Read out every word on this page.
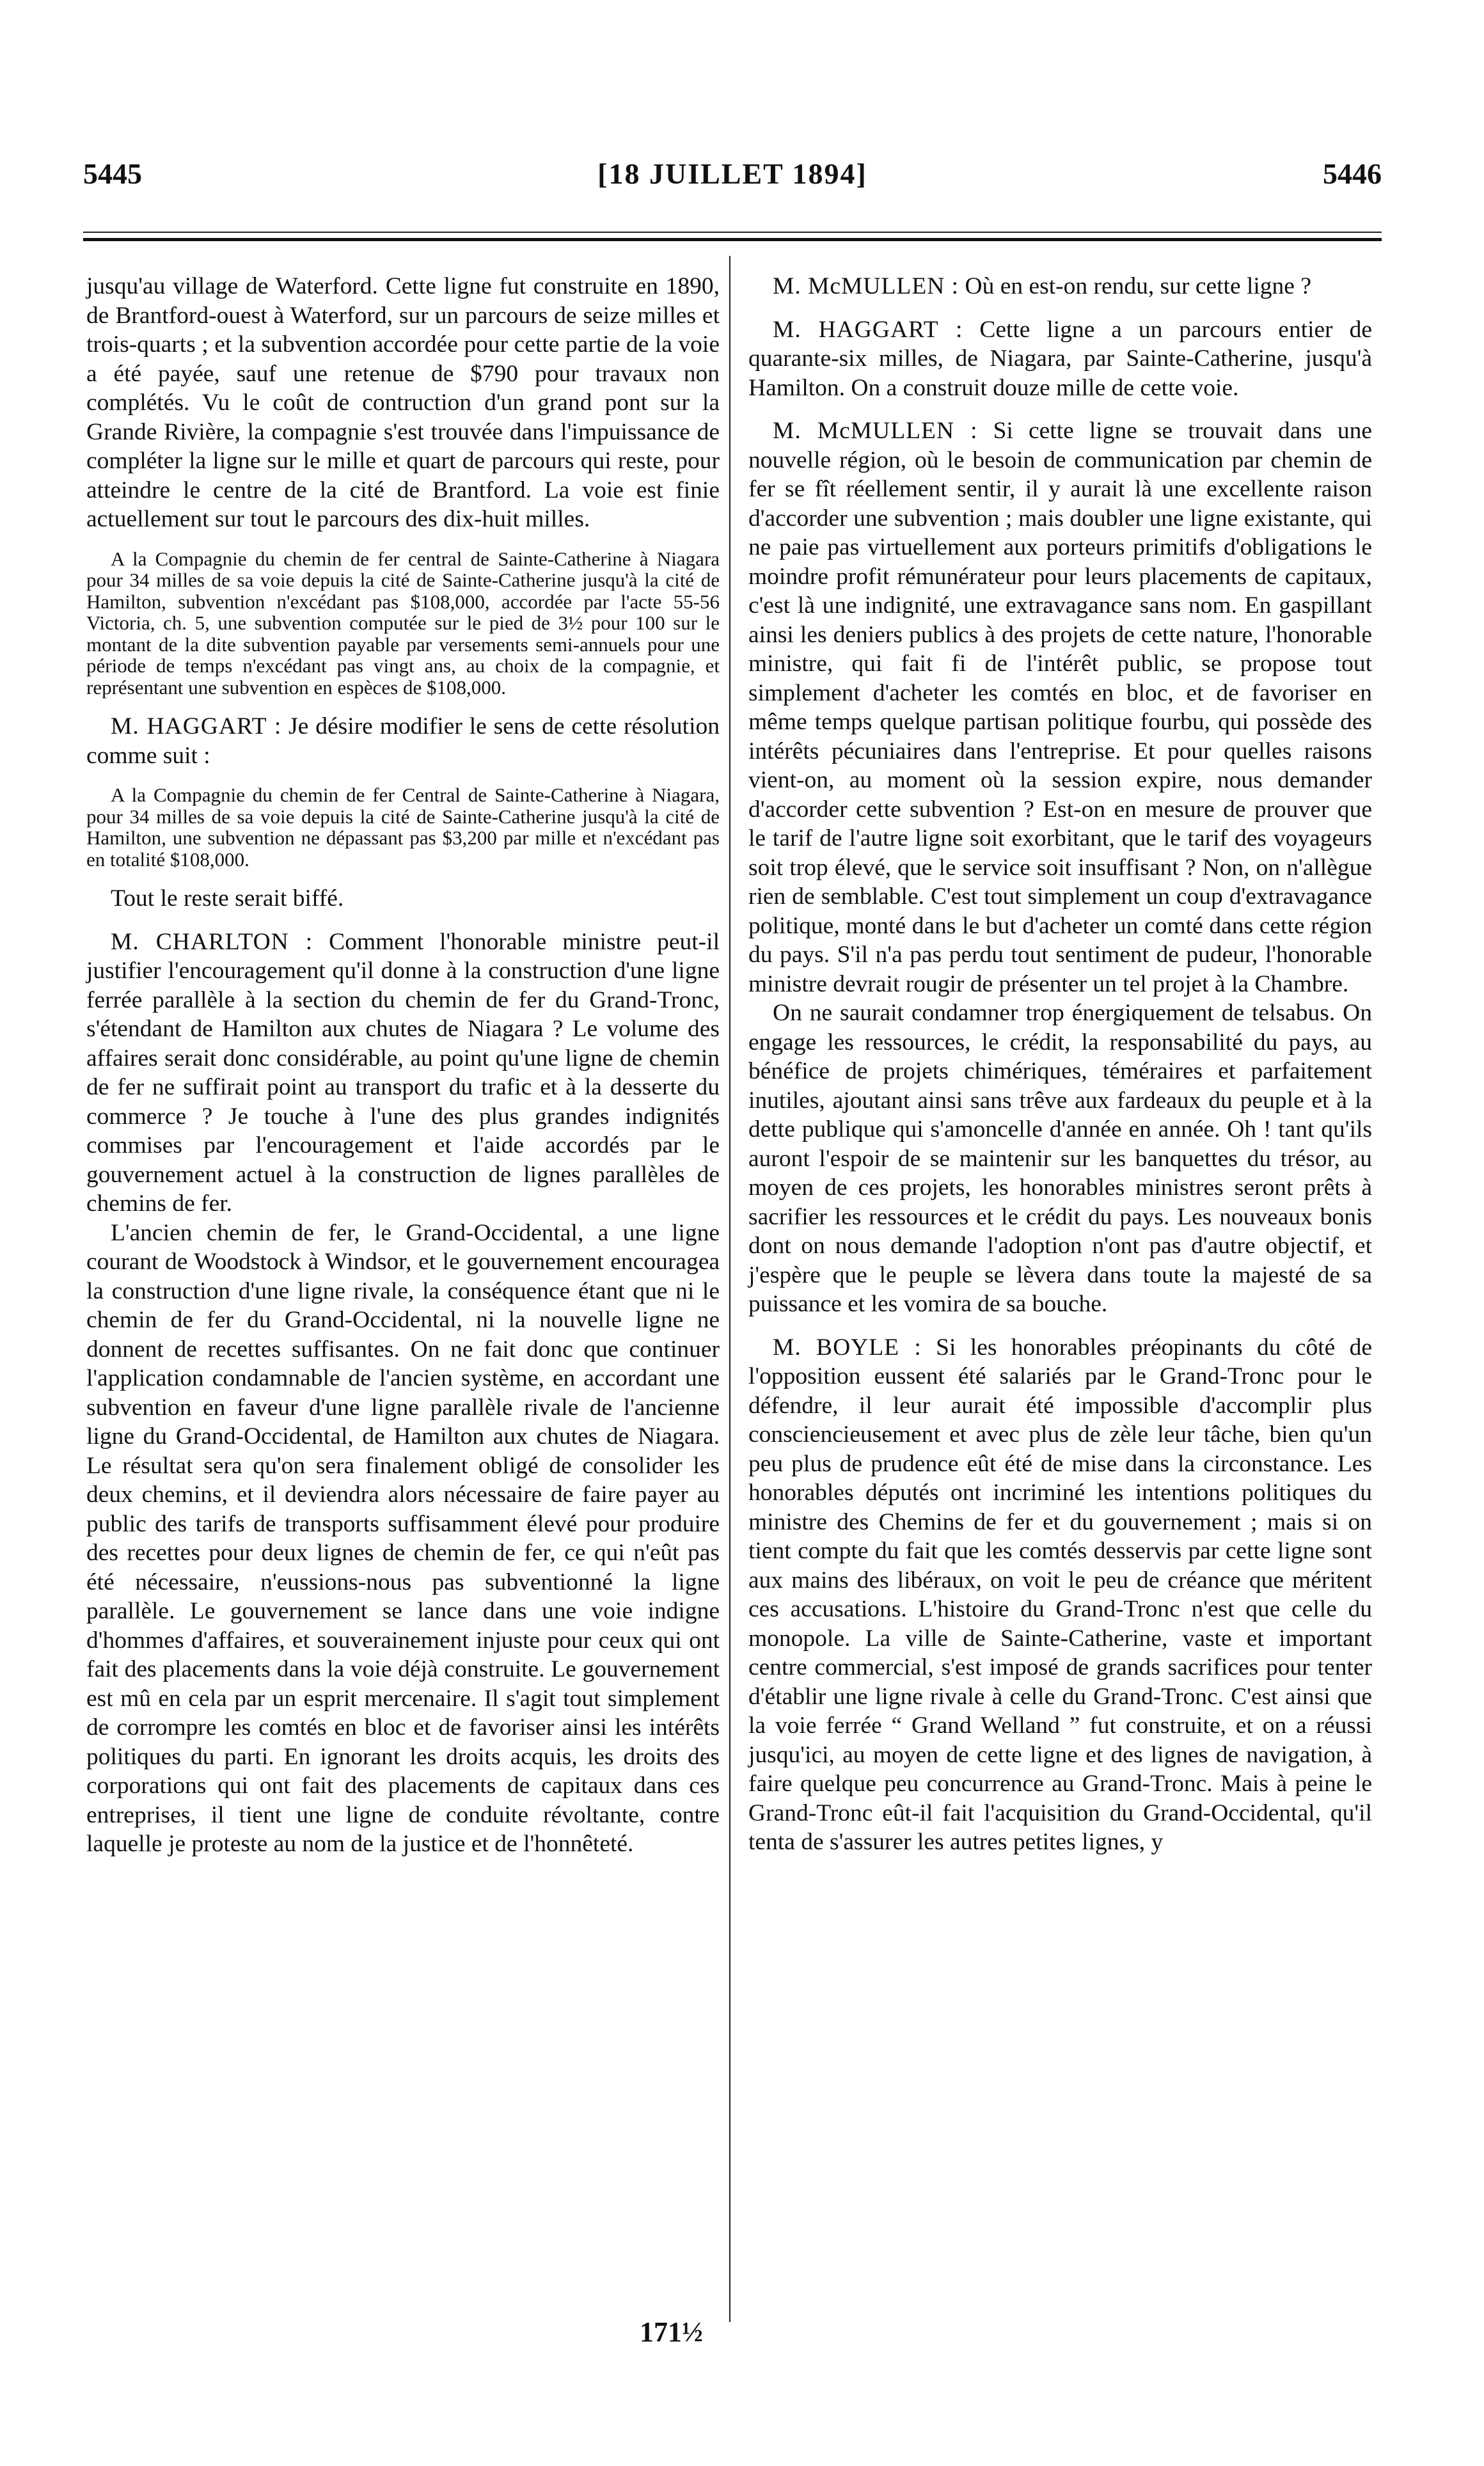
5445	[18 JUILLET 1894]	5446

jusqu'au village de Waterford. Cette ligne fut construite en 1890, de Brantford-ouest à Waterford, sur un parcours de seize milles et trois-quarts ; et la subvention accordée pour cette partie de la voie a été payée, sauf une retenue de $790 pour travaux non complétés. Vu le coût de contruction d'un grand pont sur la Grande Rivière, la compagnie s'est trouvée dans l'impuissance de compléter la ligne sur le mille et quart de parcours qui reste, pour atteindre le centre de la cité de Brantford. La voie est finie actuellement sur tout le parcours des dix-huit milles.

A la Compagnie du chemin de fer central de Sainte-Catherine à Niagara pour 34 milles de sa voie depuis la cité de Sainte-Catherine jusqu'à la cité de Hamilton, subvention n'excédant pas $108,000, accordée par l'acte 55-56 Victoria, ch. 5, une subvention computée sur le pied de 3½ pour 100 sur le montant de la dite subvention payable par versements semi-annuels pour une période de temps n'excédant pas vingt ans, au choix de la compagnie, et représentant une subvention en espèces de $108,000.

M. HAGGART : Je désire modifier le sens de cette résolution comme suit :

A la Compagnie du chemin de fer Central de Sainte-Catherine à Niagara, pour 34 milles de sa voie depuis la cité de Sainte-Catherine jusqu'à la cité de Hamilton, une subvention ne dépassant pas $3,200 par mille et n'excédant pas en totalité $108,000.

Tout le reste serait biffé.

M. CHARLTON : Comment l'honorable ministre peut-il justifier l'encouragement qu'il donne à la construction d'une ligne ferrée parallèle à la section du chemin de fer du Grand-Tronc, s'étendant de Hamilton aux chutes de Niagara ? Le volume des affaires serait donc considérable, au point qu'une ligne de chemin de fer ne suffirait point au transport du trafic et à la desserte du commerce ? Je touche à l'une des plus grandes indignités commises par l'encouragement et l'aide accordés par le gouvernement actuel à la construction de lignes parallèles de chemins de fer.

L'ancien chemin de fer, le Grand-Occidental, a une ligne courant de Woodstock à Windsor, et le gouvernement encouragea la construction d'une ligne rivale, la conséquence étant que ni le chemin de fer du Grand-Occidental, ni la nouvelle ligne ne donnent de recettes suffisantes. On ne fait donc que continuer l'application condamnable de l'ancien système, en accordant une subvention en faveur d'une ligne parallèle rivale de l'ancienne ligne du Grand-Occidental, de Hamilton aux chutes de Niagara. Le résultat sera qu'on sera finalement obligé de consolider les deux chemins, et il deviendra alors nécessaire de faire payer au public des tarifs de transports suffisamment élevé pour produire des recettes pour deux lignes de chemin de fer, ce qui n'eût pas été nécessaire, n'eussions-nous pas subventionné la ligne parallèle. Le gouvernement se lance dans une voie indigne d'hommes d'affaires, et souverainement injuste pour ceux qui ont fait des placements dans la voie déjà construite. Le gouvernement est mû en cela par un esprit mercenaire. Il s'agit tout simplement de corrompre les comtés en bloc et de favoriser ainsi les intérêts politiques du parti. En ignorant les droits acquis, les droits des corporations qui ont fait des placements de capitaux dans ces entreprises, il tient une ligne de conduite révoltante, contre laquelle je proteste au nom de la justice et de l'honnêteté.

M. McMULLEN : Où en est-on rendu, sur cette ligne ?

M. HAGGART : Cette ligne a un parcours entier de quarante-six milles, de Niagara, par Sainte-Catherine, jusqu'à Hamilton. On a construit douze mille de cette voie.

M. McMULLEN : Si cette ligne se trouvait dans une nouvelle région, où le besoin de communication par chemin de fer se fît réellement sentir, il y aurait là une excellente raison d'accorder une subvention ; mais doubler une ligne existante, qui ne paie pas virtuellement aux porteurs primitifs d'obligations le moindre profit rémunérateur pour leurs placements de capitaux, c'est là une indignité, une extravagance sans nom. En gaspillant ainsi les deniers publics à des projets de cette nature, l'honorable ministre, qui fait fi de l'intérêt public, se propose tout simplement d'acheter les comtés en bloc, et de favoriser en même temps quelque partisan politique fourbu, qui possède des intérêts pécuniaires dans l'entreprise. Et pour quelles raisons vient-on, au moment où la session expire, nous demander d'accorder cette subvention ? Est-on en mesure de prouver que le tarif de l'autre ligne soit exorbitant, que le tarif des voyageurs soit trop élevé, que le service soit insuffisant ? Non, on n'allègue rien de semblable. C'est tout simplement un coup d'extravagance politique, monté dans le but d'acheter un comté dans cette région du pays. S'il n'a pas perdu tout sentiment de pudeur, l'honorable ministre devrait rougir de présenter un tel projet à la Chambre.

On ne saurait condamner trop énergiquement de telsabus. On engage les ressources, le crédit, la responsabilité du pays, au bénéfice de projets chimériques, téméraires et parfaitement inutiles, ajoutant ainsi sans trêve aux fardeaux du peuple et à la dette publique qui s'amoncelle d'année en année. Oh ! tant qu'ils auront l'espoir de se maintenir sur les banquettes du trésor, au moyen de ces projets, les honorables ministres seront prêts à sacrifier les ressources et le crédit du pays. Les nouveaux bonis dont on nous demande l'adoption n'ont pas d'autre objectif, et j'espère que le peuple se lèvera dans toute la majesté de sa puissance et les vomira de sa bouche.

M. BOYLE : Si les honorables préopinants du côté de l'opposition eussent été salariés par le Grand-Tronc pour le défendre, il leur aurait été impossible d'accomplir plus consciencieusement et avec plus de zèle leur tâche, bien qu'un peu plus de prudence eût été de mise dans la circonstance. Les honorables députés ont incriminé les intentions politiques du ministre des Chemins de fer et du gouvernement ; mais si on tient compte du fait que les comtés desservis par cette ligne sont aux mains des libéraux, on voit le peu de créance que méritent ces accusations. L'histoire du Grand-Tronc n'est que celle du monopole. La ville de Sainte-Catherine, vaste et important centre commercial, s'est imposé de grands sacrifices pour tenter d'établir une ligne rivale à celle du Grand-Tronc. C'est ainsi que la voie ferrée “ Grand Welland ” fut construite, et on a réussi jusqu'ici, au moyen de cette ligne et des lignes de navigation, à faire quelque peu concurrence au Grand-Tronc. Mais à peine le Grand-Tronc eût-il fait l'acquisition du Grand-Occidental, qu'il tenta de s'assurer les autres petites lignes, y

171½
